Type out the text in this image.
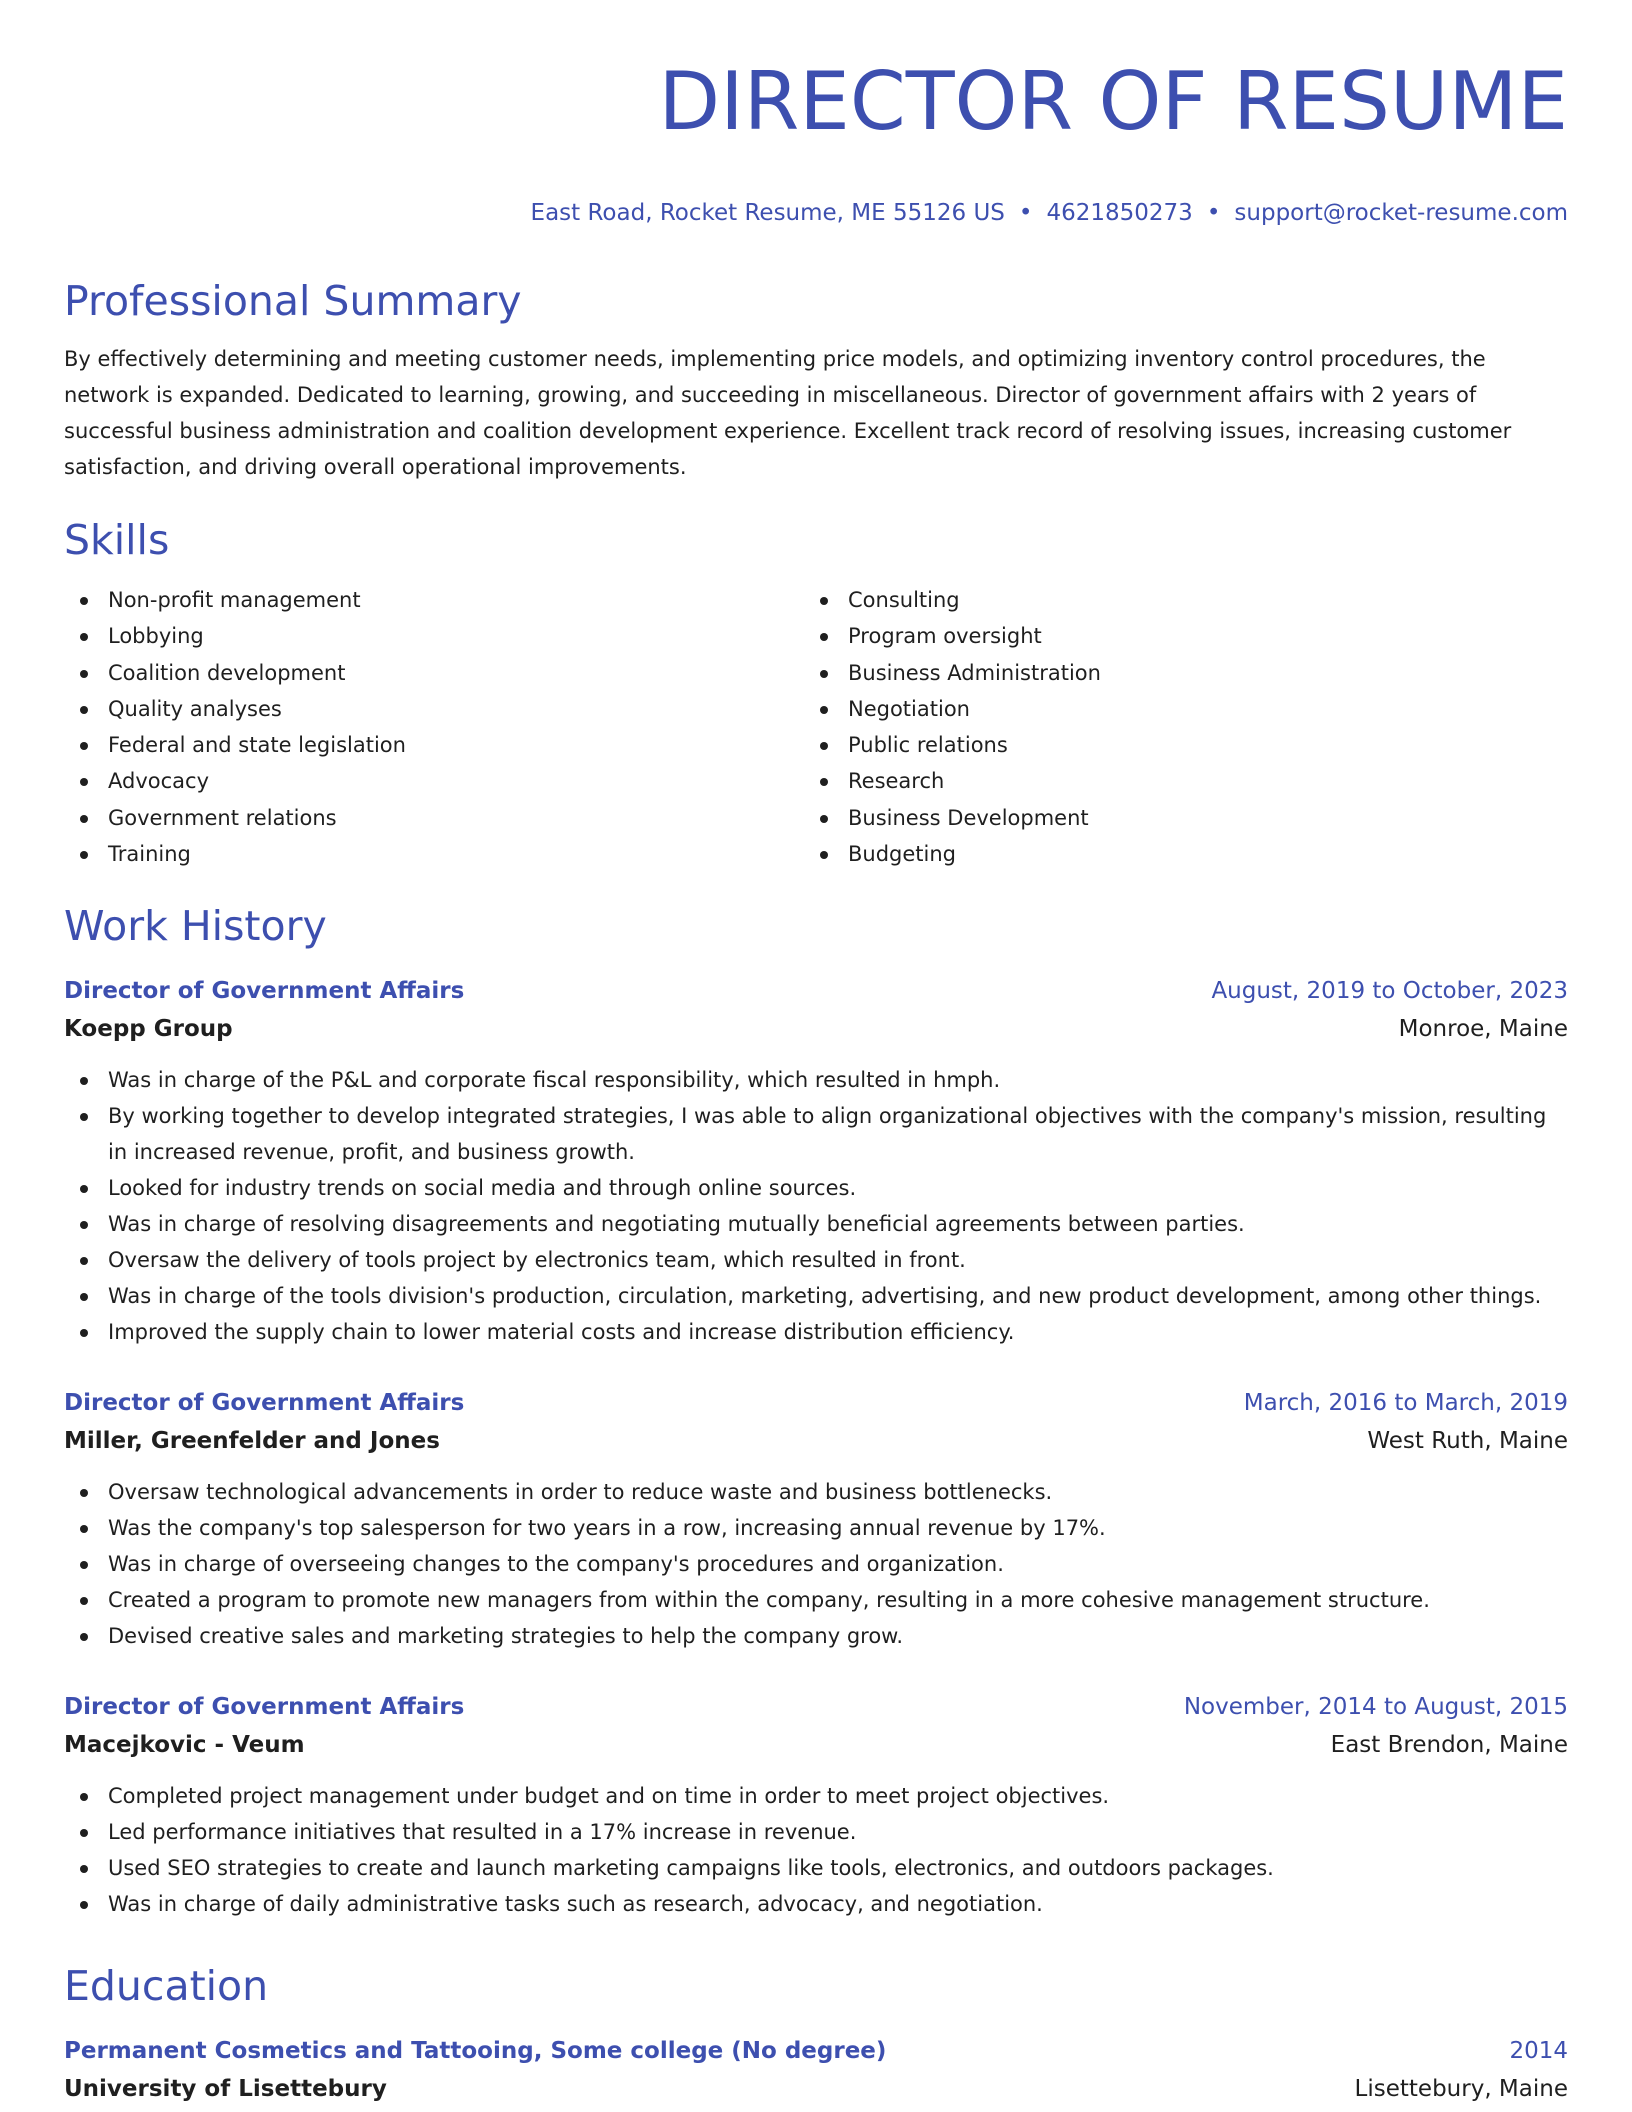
DIRECTOR OF RESUME
East Road, Rocket Resume, ME 55126 US • 4621850273 • support@rocket-resume.com
Professional Summary
By effectively determining and meeting customer needs, implementing price models, and optimizing inventory control procedures, the network is expanded. Dedicated to learning, growing, and succeeding in miscellaneous. Director of government affairs with 2 years of successful business administration and coalition development experience. Excellent track record of resolving issues, increasing customer satisfaction, and driving overall operational improvements.
Skills
Non-profit management
Lobbying
Coalition development
Quality analyses
Federal and state legislation
Advocacy
Government relations
Training
Consulting
Program oversight
Business Administration
Negotiation
Public relations
Research
Business Development
Budgeting
Work History
Director of Government Affairs	August, 2019 to October, 2023
Koepp Group	Monroe, Maine
Was in charge of the P&L and corporate fiscal responsibility, which resulted in hmph.
By working together to develop integrated strategies, I was able to align organizational objectives with the company's mission, resulting in increased revenue, profit, and business growth.
Looked for industry trends on social media and through online sources.
Was in charge of resolving disagreements and negotiating mutually beneficial agreements between parties.
Oversaw the delivery of tools project by electronics team, which resulted in front.
Was in charge of the tools division's production, circulation, marketing, advertising, and new product development, among other things.
Improved the supply chain to lower material costs and increase distribution efficiency.
Director of Government Affairs	March, 2016 to March, 2019
Miller, Greenfelder and Jones	West Ruth, Maine
Oversaw technological advancements in order to reduce waste and business bottlenecks.
Was the company's top salesperson for two years in a row, increasing annual revenue by 17%.
Was in charge of overseeing changes to the company's procedures and organization.
Created a program to promote new managers from within the company, resulting in a more cohesive management structure.
Devised creative sales and marketing strategies to help the company grow.
Director of Government Affairs	November, 2014 to August, 2015
Macejkovic - Veum	East Brendon, Maine
Completed project management under budget and on time in order to meet project objectives.
Led performance initiatives that resulted in a 17% increase in revenue.
Used SEO strategies to create and launch marketing campaigns like tools, electronics, and outdoors packages.
Was in charge of daily administrative tasks such as research, advocacy, and negotiation.
Education
Permanent Cosmetics and Tattooing, Some college (No degree)	2014
University of Lisettebury	Lisettebury, Maine
